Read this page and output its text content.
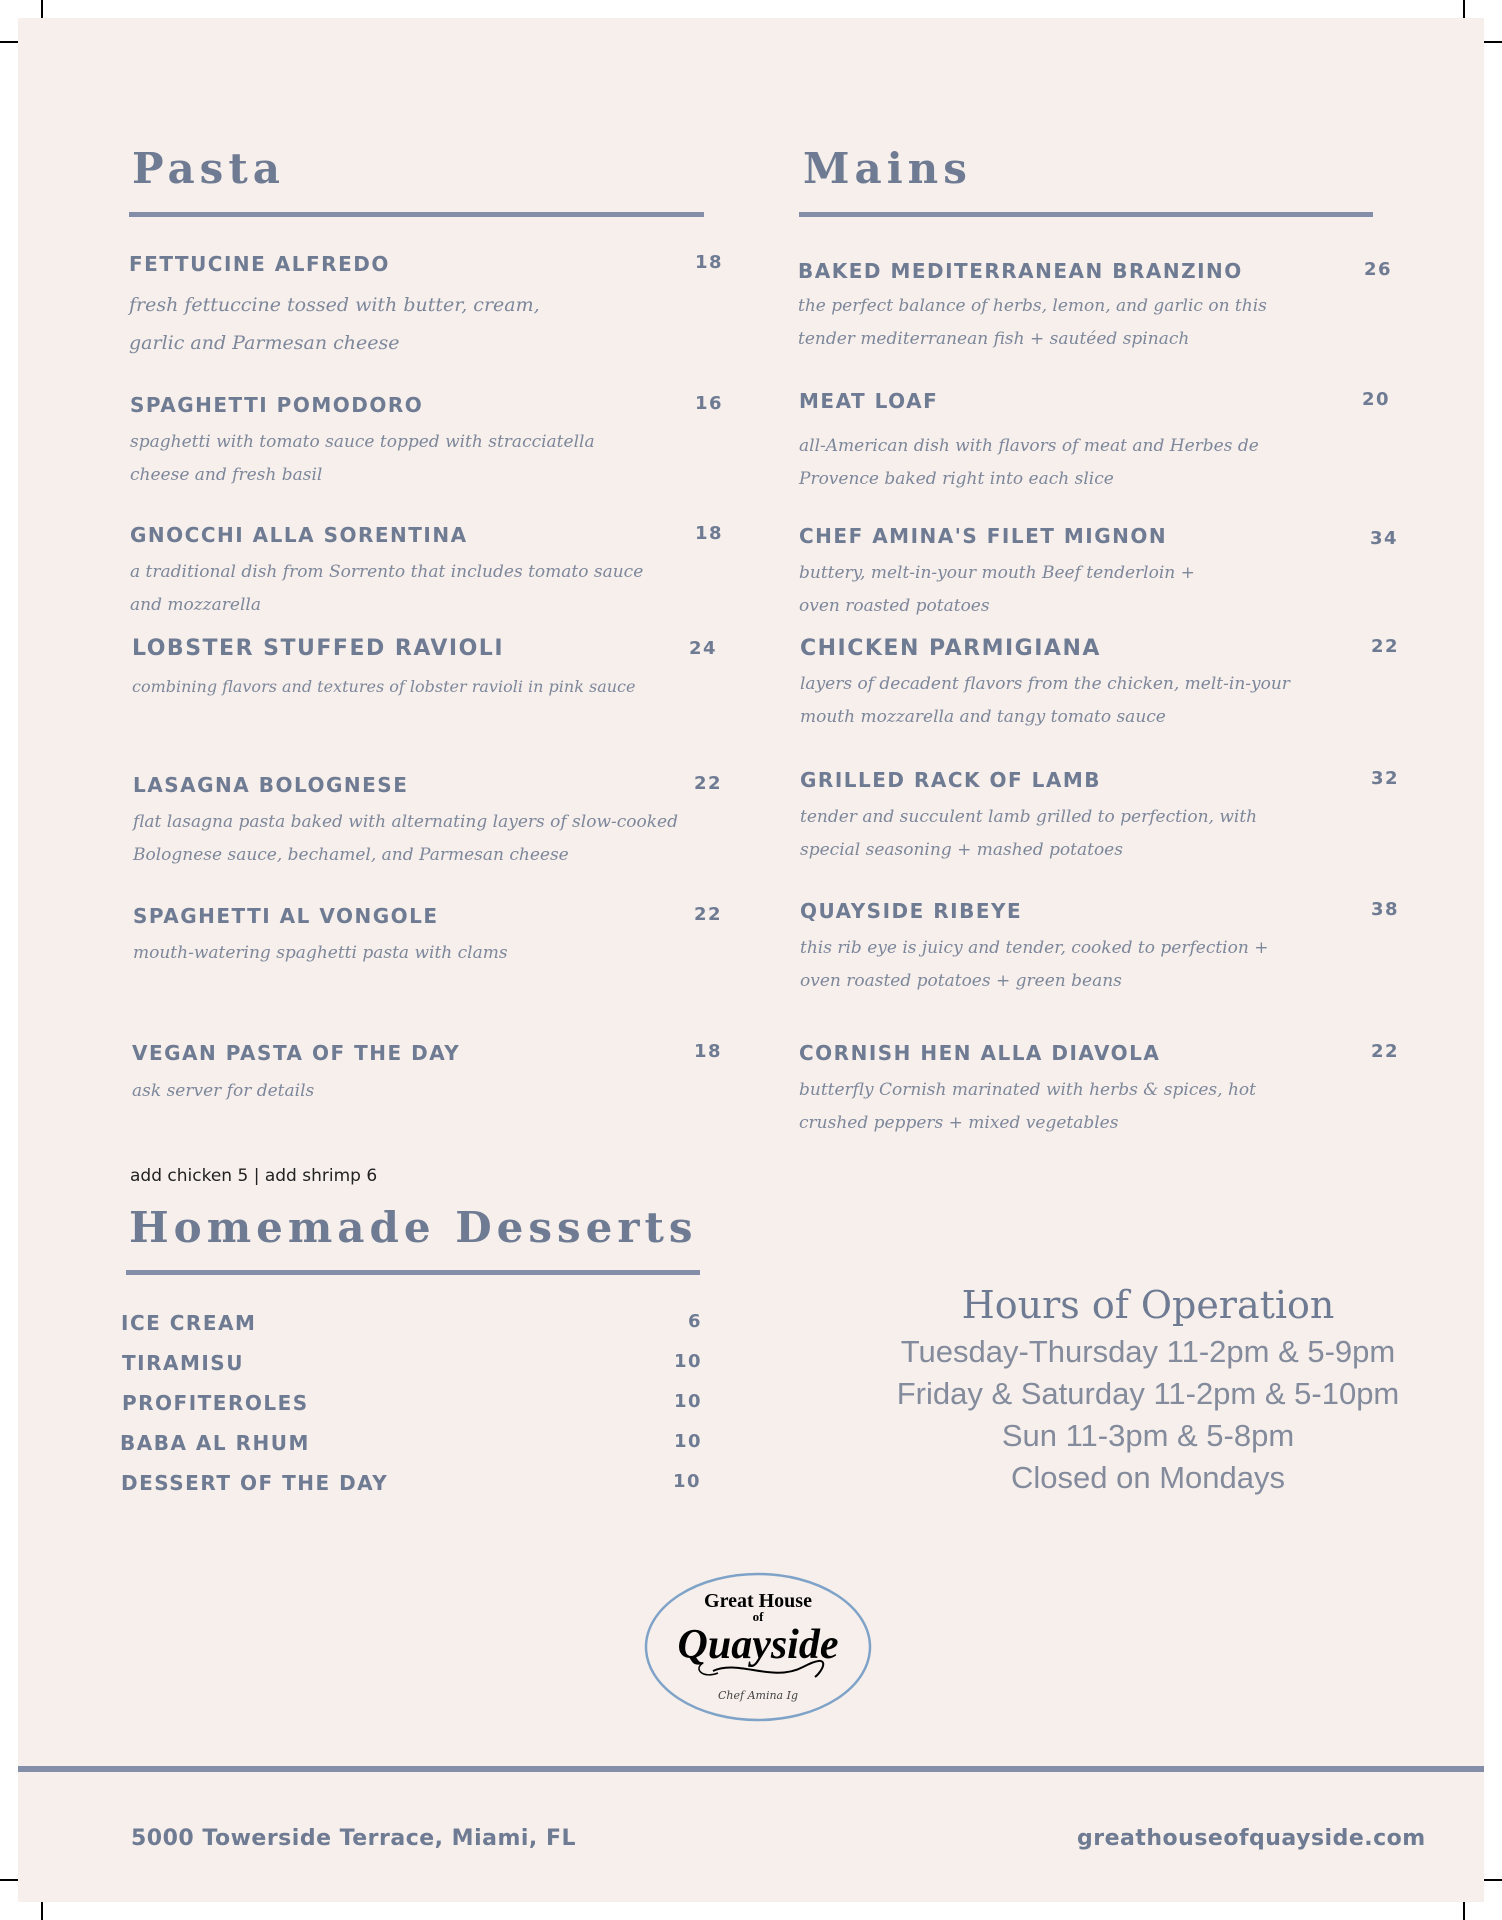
Pasta
FETTUCINE ALFREDO	18

fresh fettuccine tossed with butter, cream, garlic and Parmesan cheese

SPAGHETTI POMODORO	16

spaghetti with tomato sauce topped with stracciatella cheese and fresh basil

GNOCCHI ALLA SORENTINA	18

a traditional dish from Sorrento that includes tomato sauce and mozzarella

LOBSTER STUFFED RAVIOLI	24

combining flavors and textures of lobster ravioli in pink sauce

LASAGNA BOLOGNESE	22

flat lasagna pasta baked with alternating layers of slow-cooked Bolognese sauce, bechamel, and Parmesan cheese

SPAGHETTI AL VONGOLE	22

mouth-watering spaghetti pasta with clams

VEGAN PASTA OF THE DAY	18

ask server for details

add chicken 5 | add shrimp 6

Mains
BAKED MEDITERRANEAN BRANZINO	26

the perfect balance of herbs, lemon, and garlic on this tender mediterranean fish + sautéed spinach

MEAT LOAF	20

all-American dish with flavors of meat and Herbes de Provence baked right into each slice

CHEF AMINA'S FILET MIGNON	34

buttery, melt-in-your mouth Beef tenderloin + oven roasted potatoes

CHICKEN PARMIGIANA	22

layers of decadent flavors from the chicken, melt-in-your mouth mozzarella and tangy tomato sauce

GRILLED RACK OF LAMB	32

tender and succulent lamb grilled to perfection, with special seasoning + mashed potatoes

QUAYSIDE RIBEYE	38

this rib eye is juicy and tender, cooked to perfection + oven roasted potatoes + green beans

CORNISH HEN ALLA DIAVOLA	22

butterfly Cornish marinated with herbs & spices, hot crushed peppers + mixed vegetables

Homemade Desserts
ICE CREAM	6
TIRAMISU	10
PROFITEROLES	10
BABA AL RHUM	10
DESSERT OF THE DAY	10

Hours of Operation

Tuesday-Thursday 11-2pm & 5-9pm

Friday & Saturday 11-2pm & 5-10pm

Sun 11-3pm & 5-8pm

Closed on Mondays

Great House
of
Quayside
Chef Amina Ig

5000 Towerside Terrace, Miami, FL	greathouseofquayside.com
